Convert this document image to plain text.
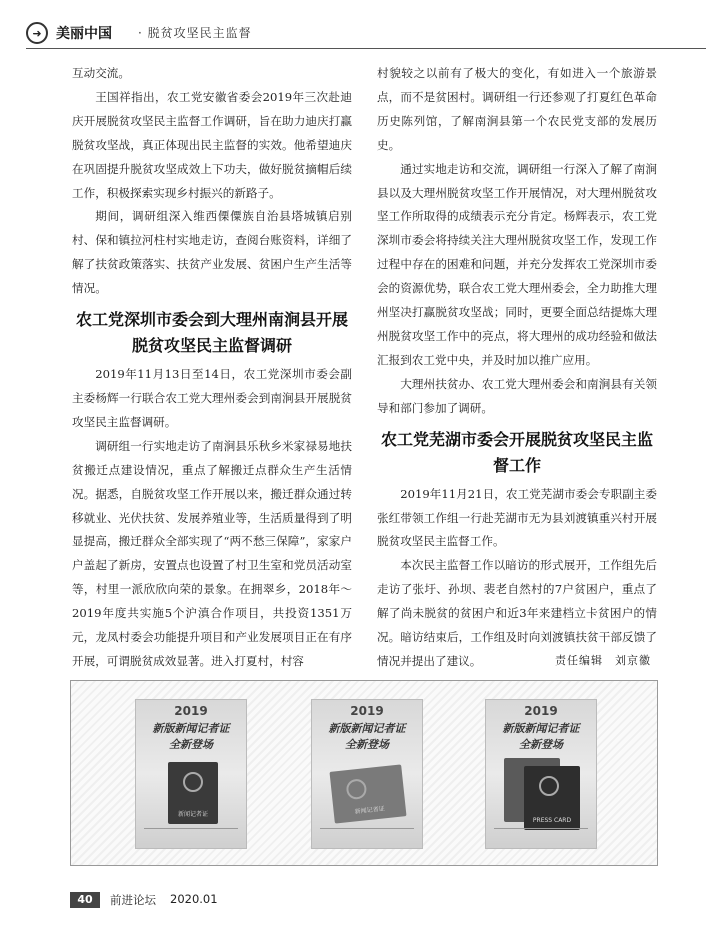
➜	美丽中国 · 脱贫攻坚民主监督

互动交流。

王国祥指出，农工党安徽省委会2019年三次赴迪庆开展脱贫攻坚民主监督工作调研，旨在助力迪庆打赢脱贫攻坚战，真正体现出民主监督的实效。他希望迪庆在巩固提升脱贫攻坚成效上下功夫，做好脱贫摘帽后续工作，积极探索实现乡村振兴的新路子。

期间，调研组深入维西傈僳族自治县塔城镇启别村、保和镇拉河柱村实地走访，查阅台账资料，详细了解了扶贫政策落实、扶贫产业发展、贫困户生产生活等情况。

农工党深圳市委会到大理州南涧县开展脱贫攻坚民主监督调研

2019年11月13日至14日，农工党深圳市委会副主委杨辉一行联合农工党大理州委会到南涧县开展脱贫攻坚民主监督调研。

调研组一行实地走访了南涧县乐秋乡米家禄易地扶贫搬迁点建设情况，重点了解搬迁点群众生产生活情况。据悉，自脱贫攻坚工作开展以来，搬迁群众通过转移就业、光伏扶贫、发展养殖业等，生活质量得到了明显提高，搬迁群众全部实现了“两不愁三保障”，家家户户盖起了新房，安置点也设置了村卫生室和党员活动室等，村里一派欣欣向荣的景象。在拥翠乡，2018年～2019年度共实施5个沪滇合作项目，共投资1351万元，龙凤村委会功能提升项目和产业发展项目正在有序开展，可谓脱贫成效显著。进入打夏村，村容

村貌较之以前有了极大的变化，有如进入一个旅游景点，而不是贫困村。调研组一行还参观了打夏红色革命历史陈列馆，了解南涧县第一个农民党支部的发展历史。

通过实地走访和交流，调研组一行深入了解了南涧县以及大理州脱贫攻坚工作开展情况，对大理州脱贫攻坚工作所取得的成绩表示充分肯定。杨辉表示，农工党深圳市委会将持续关注大理州脱贫攻坚工作，发现工作过程中存在的困难和问题，并充分发挥农工党深圳市委会的资源优势，联合农工党大理州委会，全力助推大理州坚决打赢脱贫攻坚战；同时，更要全面总结提炼大理州脱贫攻坚工作中的亮点，将大理州的成功经验和做法汇报到农工党中央，并及时加以推广应用。

大理州扶贫办、农工党大理州委会和南涧县有关领导和部门参加了调研。

农工党芜湖市委会开展脱贫攻坚民主监督工作

2019年11月21日，农工党芜湖市委会专职副主委张红带领工作组一行赴芜湖市无为县刘渡镇重兴村开展脱贫攻坚民主监督工作。

本次民主监督工作以暗访的形式展开，工作组先后走访了张圩、孙坝、裴老自然村的7户贫困户，重点了解了尚未脱贫的贫困户和近3年来建档立卡贫困户的情况。暗访结束后，工作组及时向刘渡镇扶贫干部反馈了情况并提出了建议。	责任编辑　刘京徽
2019
新版新闻记者证
全新登场
新闻记者证
2019
新版新闻记者证
全新登场
新闻记者证
2019
新版新闻记者证
全新登场
PRESS CARD
40	前进论坛 2020.01
